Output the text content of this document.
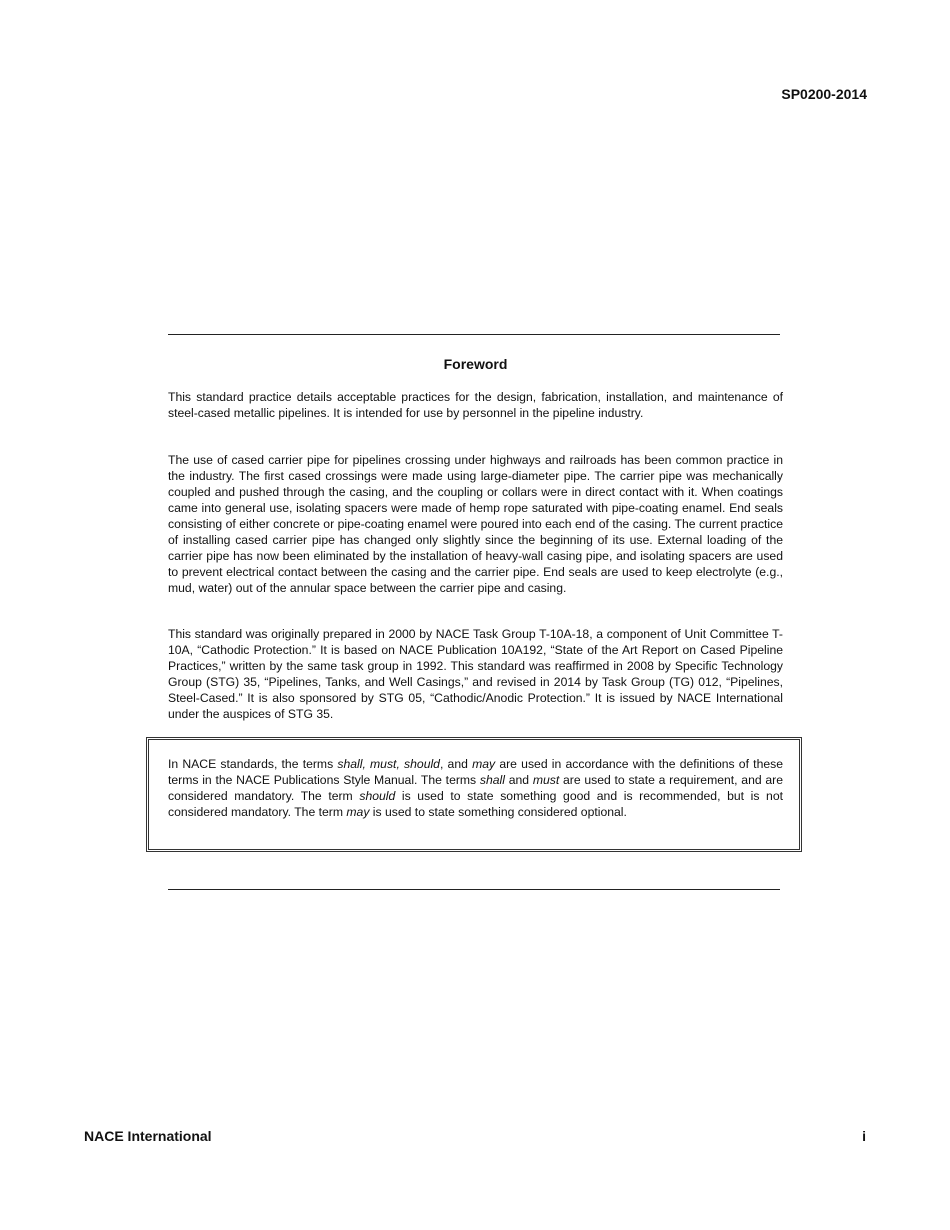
SP0200-2014
Foreword

This standard practice details acceptable practices for the design, fabrication, installation, and maintenance of steel-cased metallic pipelines. It is intended for use by personnel in the pipeline industry.

The use of cased carrier pipe for pipelines crossing under highways and railroads has been common practice in the industry. The first cased crossings were made using large-diameter pipe. The carrier pipe was mechanically coupled and pushed through the casing, and the coupling or collars were in direct contact with it. When coatings came into general use, isolating spacers were made of hemp rope saturated with pipe-coating enamel. End seals consisting of either concrete or pipe-coating enamel were poured into each end of the casing. The current practice of installing cased carrier pipe has changed only slightly since the beginning of its use. External loading of the carrier pipe has now been eliminated by the installation of heavy-wall casing pipe, and isolating spacers are used to prevent electrical contact between the casing and the carrier pipe. End seals are used to keep electrolyte (e.g., mud, water) out of the annular space between the carrier pipe and casing.

This standard was originally prepared in 2000 by NACE Task Group T-10A-18, a component of Unit Committee T-10A, “Cathodic Protection.” It is based on NACE Publication 10A192, “State of the Art Report on Cased Pipeline Practices,” written by the same task group in 1992. This standard was reaffirmed in 2008 by Specific Technology Group (STG) 35, “Pipelines, Tanks, and Well Casings,” and revised in 2014 by Task Group (TG) 012, “Pipelines, Steel-Cased.” It is also sponsored by STG 05, “Cathodic/Anodic Protection.” It is issued by NACE International under the auspices of STG 35.

In NACE standards, the terms shall, must, should, and may are used in accordance with the definitions of these terms in the NACE Publications Style Manual. The terms shall and must are used to state a requirement, and are considered mandatory. The term should is used to state something good and is recommended, but is not considered mandatory. The term may is used to state something considered optional.

NACE International	i
